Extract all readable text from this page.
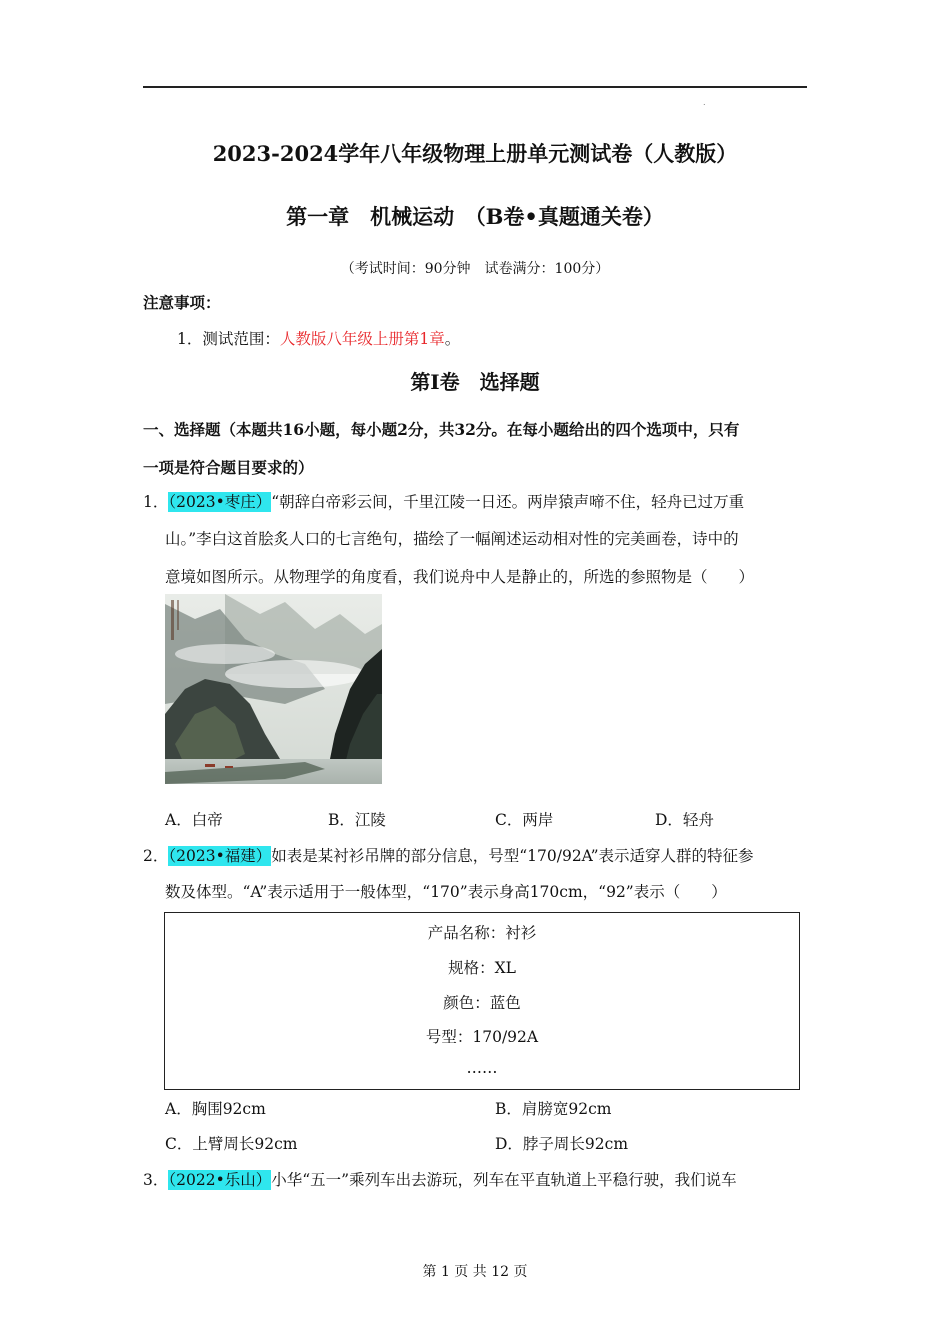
.
2023-2024学年八年级物理上册单元测试卷（人教版）
第一章　机械运动　（B卷•真题通关卷）
（考试时间：90分钟　试卷满分：100分）
注意事项：
1．测试范围：人教版八年级上册第1章。
第Ⅰ卷　选择题
一、选择题（本题共16小题，每小题2分，共32分。在每小题给出的四个选项中，只有
一项是符合题目要求的）
1．（2023•枣庄）“朝辞白帝彩云间，千里江陵一日还。两岸猿声啼不住，轻舟已过万重
山。”李白这首脍炙人口的七言绝句，描绘了一幅阐述运动相对性的完美画卷，诗中的
意境如图所示。从物理学的角度看，我们说舟中人是静止的，所选的参照物是（　　）
A．白帝	B．江陵	C．两岸	D．轻舟
2．（2023•福建）如表是某衬衫吊牌的部分信息，号型“170/92A”表示适穿人群的特征参
数及体型。“A”表示适用于一般体型，“170”表示身高170cm，“92”表示（　　）
产品名称：衬衫
规格：XL
颜色：蓝色
号型：170/92A
……
A．胸围92cm	B．肩膀宽92cm
C．上臂周长92cm	D．脖子周长92cm
3．（2022•乐山）小华“五一”乘列车出去游玩，列车在平直轨道上平稳行驶，我们说车
第 1 页 共 12 页
